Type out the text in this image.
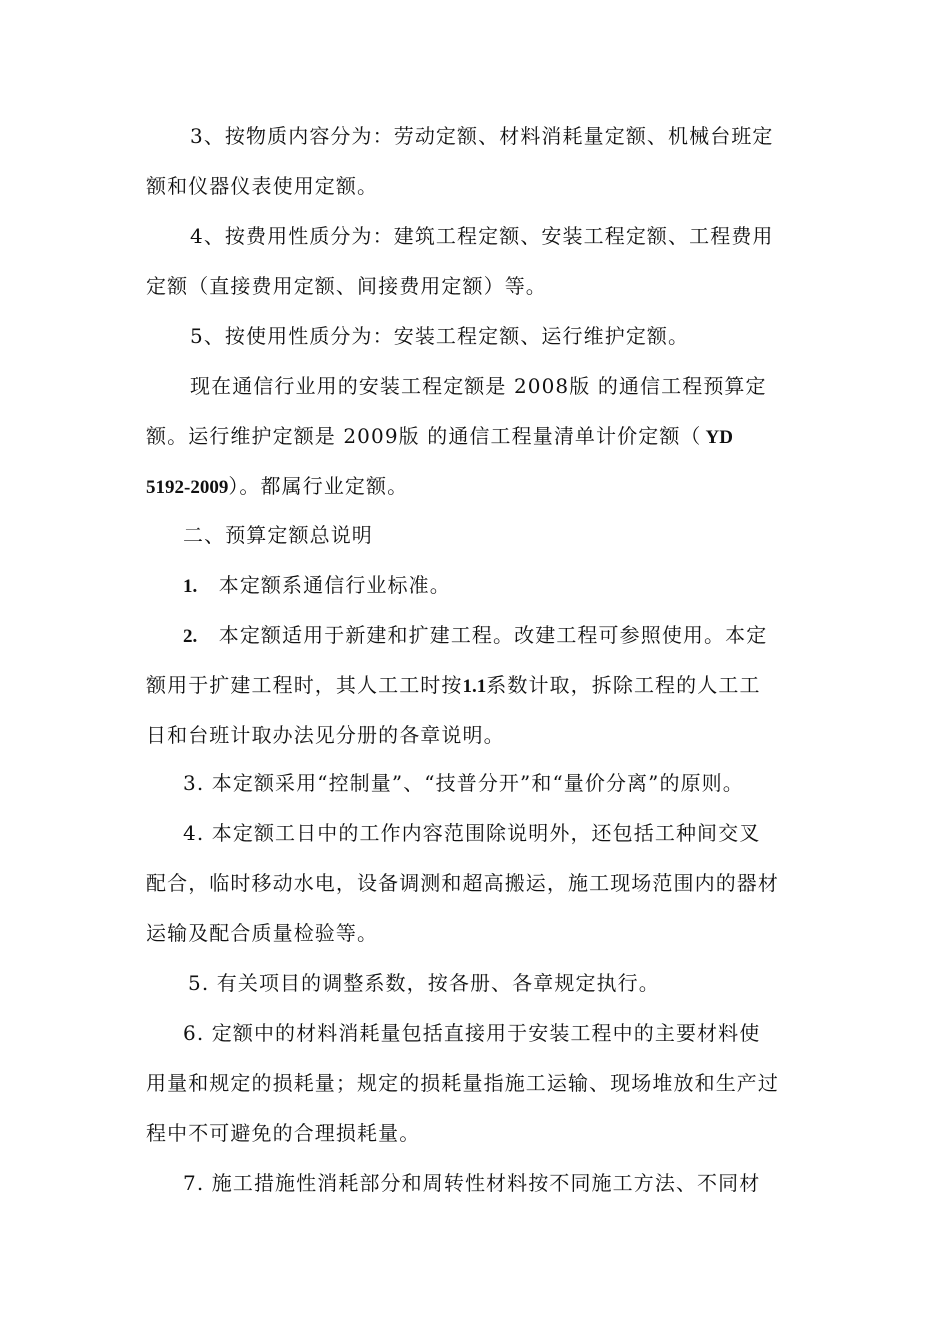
3、按物质内容分为：劳动定额、材料消耗量定额、机械台班定
额和仪器仪表使用定额。
4、按费用性质分为：建筑工程定额、安装工程定额、工程费用
定额（直接费用定额、间接费用定额）等。
5、按使用性质分为：安装工程定额、运行维护定额。
现在通信行业用的安装工程定额是 2008版 的通信工程预算定
额。运行维护定额是 2009版 的通信工程量清单计价定额（ YD
5192-2009）。都属行业定额。
二、预算定额总说明
1. 本定额系通信行业标准。
2. 本定额适用于新建和扩建工程。改建工程可参照使用。本定
额用于扩建工程时，其人工工时按1.1系数计取，拆除工程的人工工
日和台班计取办法见分册的各章说明。
3. 本定额采用“控制量”、“技普分开”和“量价分离”的原则。
4. 本定额工日中的工作内容范围除说明外，还包括工种间交叉
配合，临时移动水电，设备调测和超高搬运，施工现场范围内的器材
运输及配合质量检验等。
5. 有关项目的调整系数，按各册、各章规定执行。
6. 定额中的材料消耗量包括直接用于安装工程中的主要材料使
用量和规定的损耗量；规定的损耗量指施工运输、现场堆放和生产过
程中不可避免的合理损耗量。
7. 施工措施性消耗部分和周转性材料按不同施工方法、不同材
